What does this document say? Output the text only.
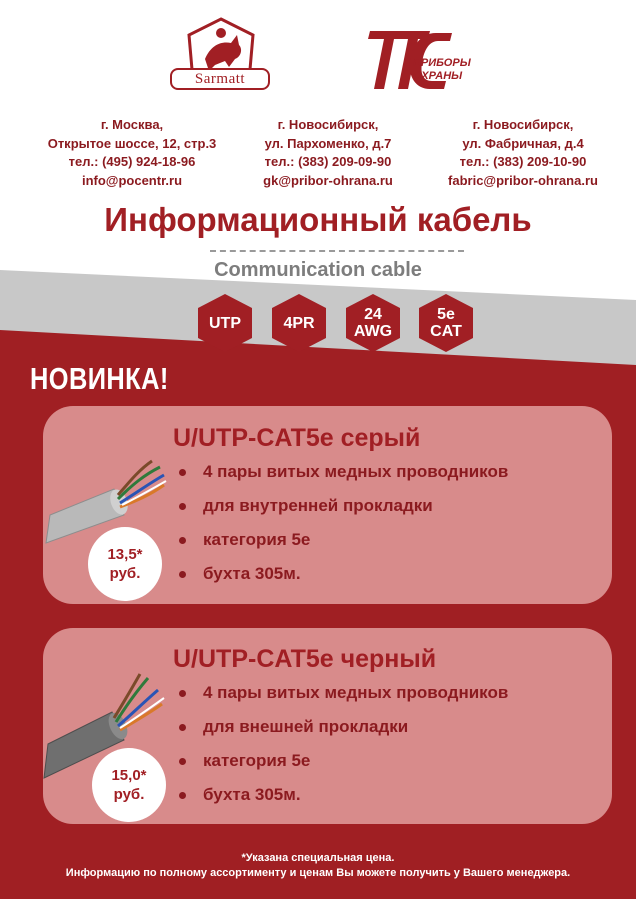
Sarmatt
ПРИБОРЫ
ОХРАНЫ
г. Москва,
Открытое шоссе, 12, стр.3
тел.: (495) 924-18-96
info@pocentr.ru
г. Новосибирск,
ул. Пархоменко, д.7
тел.: (383) 209-09-90
gk@pribor-ohrana.ru
г. Новосибирск,
ул. Фабричная, д.4
тел.: (383) 209-10-90
fabric@pribor-ohrana.ru
Информационный кабель
Communication cable
UTP	4PR	24
AWG
5e
CAT
НОВИНКА!
U/UTP-CAT5e серый
13,5*
руб.
4 пары витых медных проводников
для внутренней прокладки
категория 5е
бухта 305м.
U/UTP-CAT5e черный
15,0*
руб.
4 пары витых медных проводников
для внешней прокладки
категория 5е
бухта 305м.
*Указана специальная цена.
Информацию по полному ассортименту и ценам Вы можете получить у Вашего менеджера.
